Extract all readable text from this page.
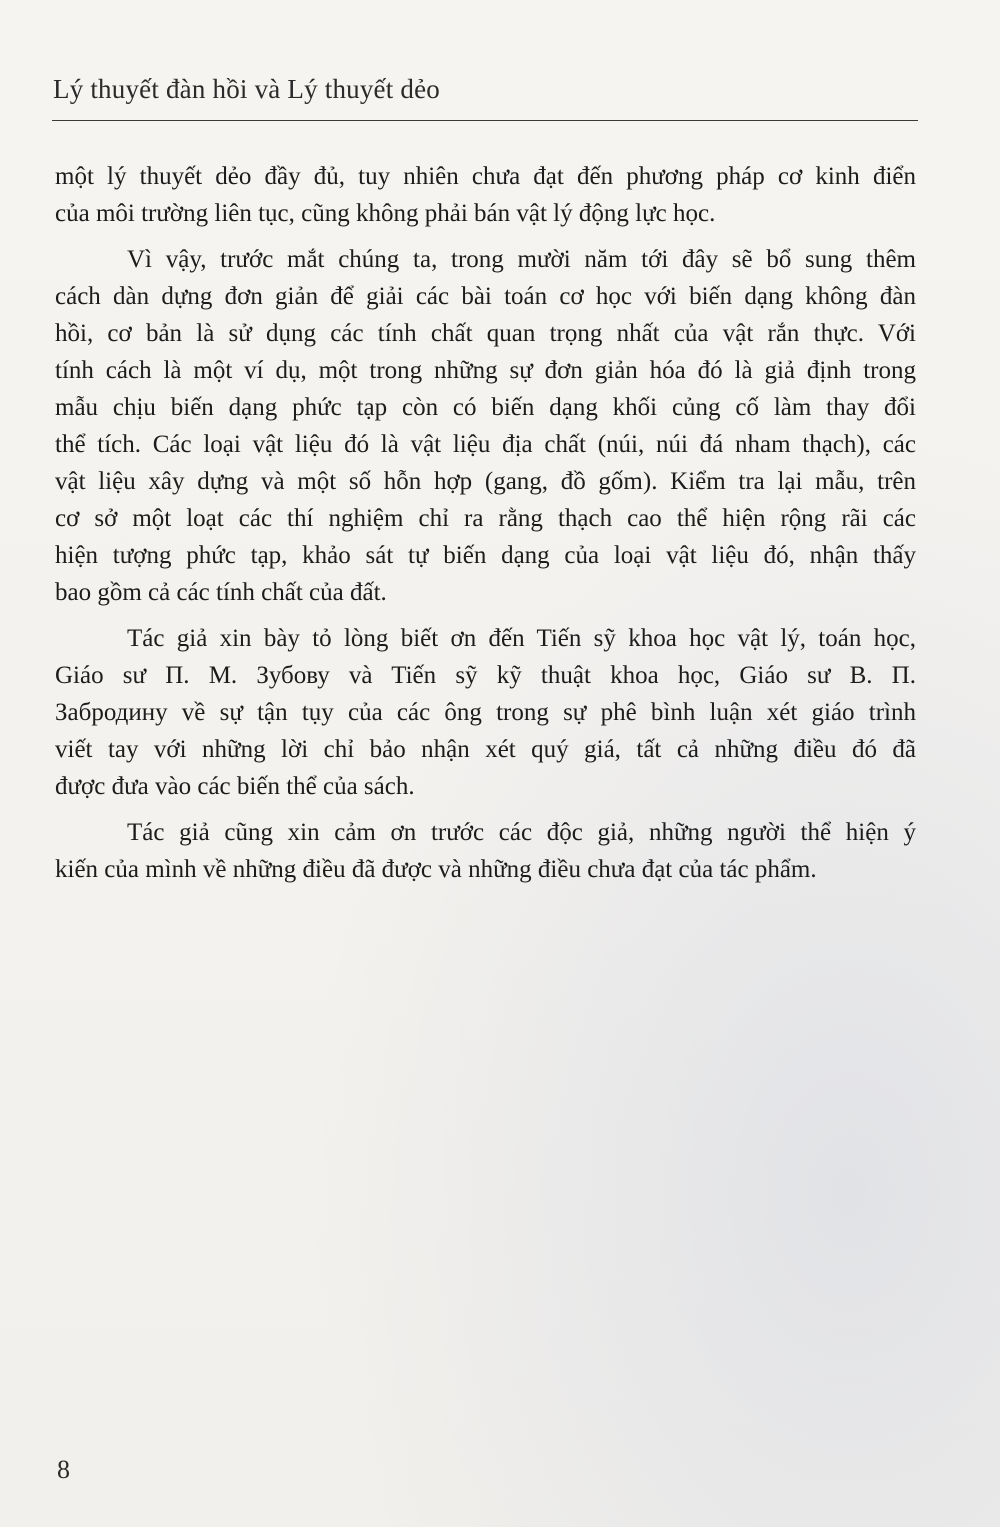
Lý thuyết đàn hồi và Lý thuyết dẻo
một lý thuyết dẻo đầy đủ, tuy nhiên chưa đạt đến phương pháp cơ kinh điển
của môi trường liên tục, cũng không phải bán vật lý động lực học.
Vì vậy, trước mắt chúng ta, trong mười năm tới đây sẽ bổ sung thêm
cách dàn dựng đơn giản để giải các bài toán cơ học với biến dạng không đàn
hồi, cơ bản là sử dụng các tính chất quan trọng nhất của vật rắn thực. Với
tính cách là một ví dụ, một trong những sự đơn giản hóa đó là giả định trong
mẫu chịu biến dạng phức tạp còn có biến dạng khối củng cố làm thay đổi
thể tích. Các loại vật liệu đó là vật liệu địa chất (núi, núi đá nham thạch), các
vật liệu xây dựng và một số hỗn hợp (gang, đồ gốm). Kiểm tra lại mẫu, trên
cơ sở một loạt các thí nghiệm chỉ ra rằng thạch cao thể hiện rộng rãi các
hiện tượng phức tạp, khảo sát tự biến dạng của loại vật liệu đó, nhận thấy
bao gồm cả các tính chất của đất.
Tác giả xin bày tỏ lòng biết ơn đến Tiến sỹ khoa học vật lý, toán học,
Giáo sư П. M. Зубову và Tiến sỹ kỹ thuật khoa học, Giáo sư B. П.
Забродину về sự tận tụy của các ông trong sự phê bình luận xét giáo trình
viết tay với những lời chỉ bảo nhận xét quý giá, tất cả những điều đó đã
được đưa vào các biến thể của sách.
Tác giả cũng xin cảm ơn trước các độc giả, những người thể hiện ý
kiến của mình về những điều đã được và những điều chưa đạt của tác phẩm.
8
